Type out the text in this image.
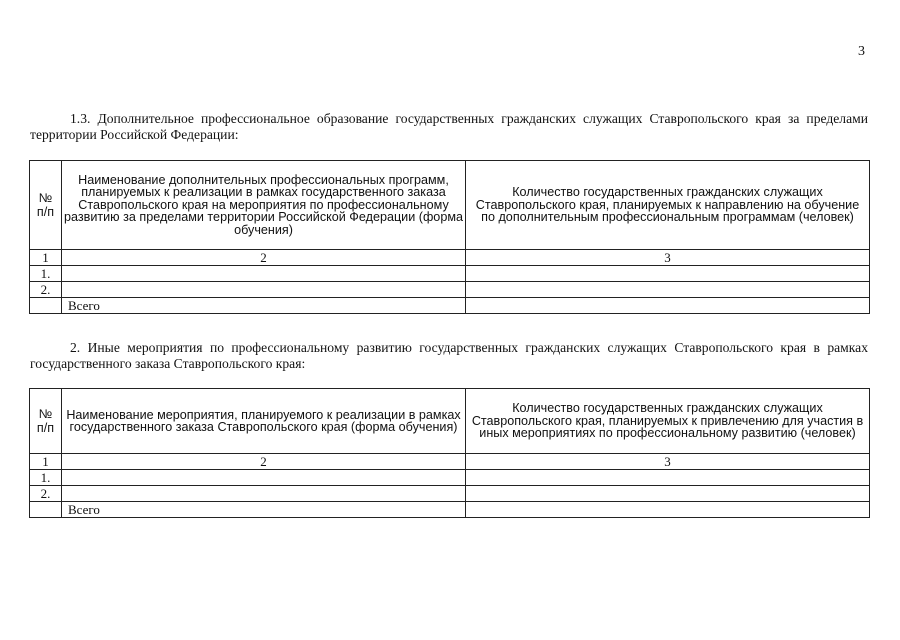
3
1.3. Дополнительное профессиональное образование государственных гражданских служащих Ставропольского края за пределами территории Российской Федерации:
№ п/п	Наименование дополнительных профессиональных программ, планируемых к реализации в рамках государственного заказа Ставропольского края на мероприятия по профессиональному развитию за пределами территории Российской Федерации (форма обучения)	Количество государственных гражданских служащих Ставропольского края, планируемых к направлению на обучение по дополнительным профессиональным программам (человек)
1	2	3
1.		
2.		
	Всего	
2. Иные мероприятия по профессиональному развитию государственных гражданских служащих Ставропольского края в рамках государственного заказа Ставропольского края:
№ п/п	Наименование мероприятия, планируемого к реализации в рамках государственного заказа Ставропольского края (форма обучения)	Количество государственных гражданских служащих Ставропольского края, планируемых к привлечению для участия в иных мероприятиях по профессиональному развитию (человек)
1	2	3
1.		
2.		
	Всего	
